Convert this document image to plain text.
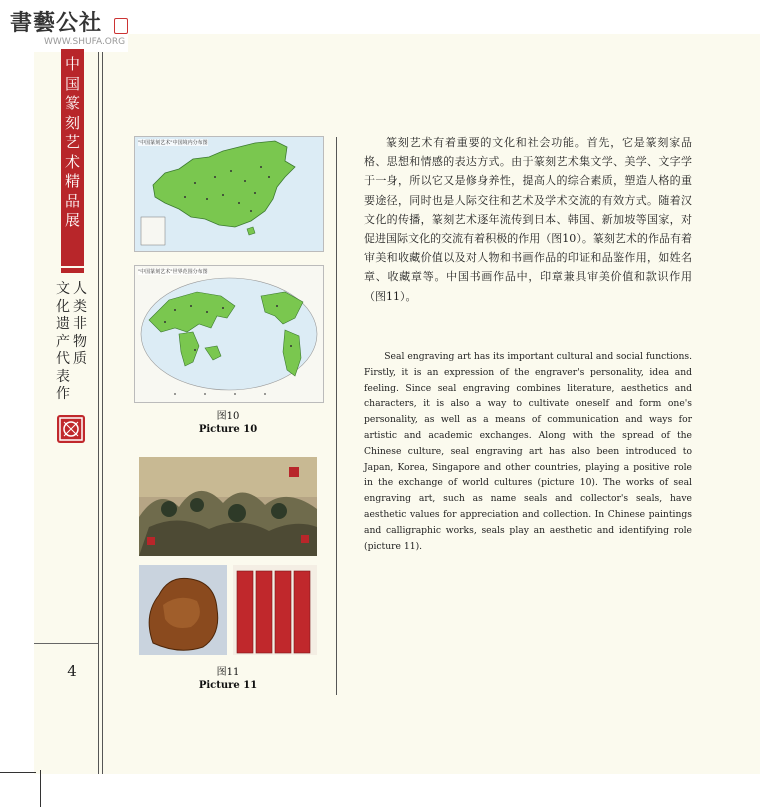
書藝公社
WWW.SHUFA.ORG
中国篆刻艺术精品展
人类非物质
文化遗产代表作
4
"中国篆刻艺术"中国境内分布图
"中国篆刻艺术"世界范围分布图
图10
Picture 10
图11
Picture 11
篆刻艺术有着重要的文化和社会功能。首先，它是篆刻家品格、思想和情感的表达方式。由于篆刻艺术集文学、美学、文字学于一身，所以它又是修身养性，提高人的综合素质，塑造人格的重要途径，同时也是人际交往和艺术及学术交流的有效方式。随着汉文化的传播，篆刻艺术逐年流传到日本、韩国、新加坡等国家，对促进国际文化的交流有着积极的作用（图10）。篆刻艺术的作品有着审美和收藏价值以及对人物和书画作品的印证和品鉴作用，如姓名章、收藏章等。中国书画作品中，印章兼具审美价值和款识作用（图11）。
Seal engraving art has its important cultural and social functions. Firstly, it is an expression of the engraver's personality, idea and feeling. Since seal engraving combines literature, aesthetics and characters, it is also a way to cultivate oneself and form one's personality, as well as a means of communication and ways for artistic and academic exchanges. Along with the spread of the Chinese culture, seal engraving art has also been introduced to Japan, Korea, Singapore and other countries, playing a positive role in the exchange of world cultures (picture 10). The works of seal engraving art, such as name seals and collector's seals, have aesthetic values for appreciation and collection. In Chinese paintings and calligraphic works, seals play an aesthetic and identifying role (picture 11).
